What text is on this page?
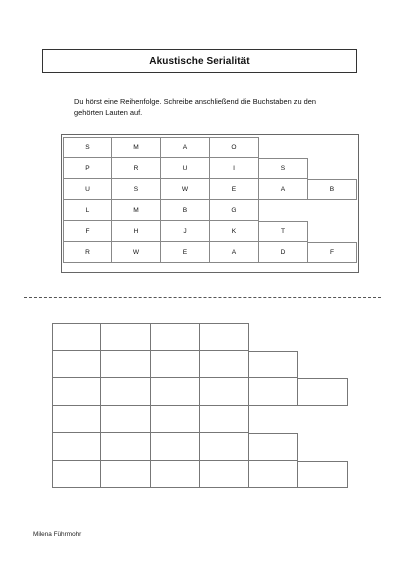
Akustische Serialität
Du hörst eine Reihenfolge. Schreibe anschließend die Buchstaben zu den gehörten Lauten auf.
S	M	A	O
P	R	U	I	S
U	S	W	E	A	B
L	M	B	G
F	H	J	K	T
R	W	E	A	D	F
Milena Führmohr
